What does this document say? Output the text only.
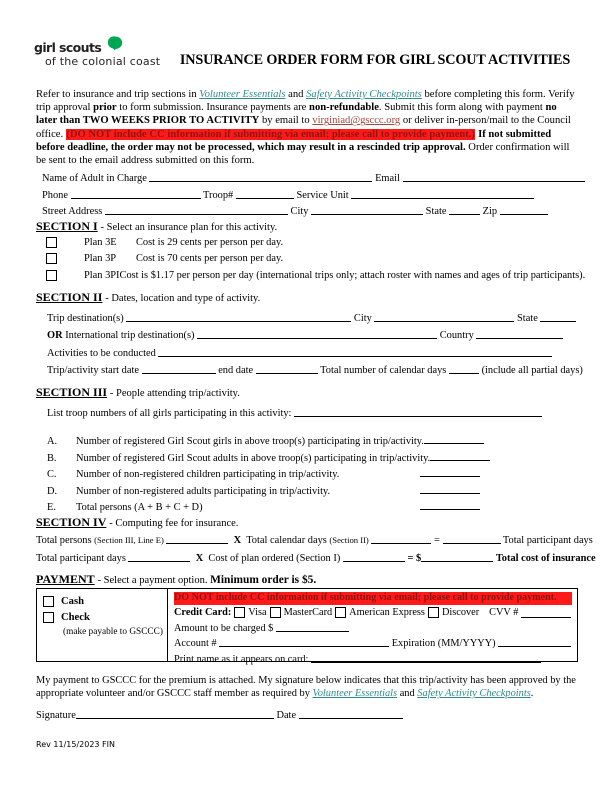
girl scouts
of the colonial coast	INSURANCE ORDER FORM FOR GIRL SCOUT ACTIVITIES
Refer to insurance and trip sections in Volunteer Essentials and Safety Activity Checkpoints before completing this form. Verify trip approval prior to form submission. Insurance payments are non-refundable. Submit this form along with payment no later than TWO WEEKS PRIOR TO ACTIVITY by email to virginiad@gsccc.org or deliver in-person/mail to the Council office. (DO NOT include CC information if submitting via email; please call to provide payment.) If not submitted before deadline, the order may not be processed, which may result in a rescinded trip approval. Order confirmation will be sent to the email address submitted on this form.
Name of Adult in Charge	Email
Phone	Troop#	Service Unit
Street Address	City	State	Zip
SECTION I - Select an insurance plan for this activity.
Plan 3E	Cost is 29 cents per person per day.
Plan 3P	Cost is 70 cents per person per day.
Plan 3PI Cost is $1.17 per person per day (international trips only; attach roster with names and ages of trip participants).
SECTION II - Dates, location and type of activity.
Trip destination(s)	City	State
OR International trip destination(s)	Country
Activities to be conducted
Trip/activity start date	end date	Total number of calendar days	(include all partial days)
SECTION III - People attending trip/activity.
List troop numbers of all girls participating in this activity:
A.	Number of registered Girl Scout girls in above troop(s) participating in trip/activity.
B.	Number of registered Girl Scout adults in above troop(s) participating in trip/activity.
C.	Number of non-registered children participating in trip/activity.
D.	Number of non-registered adults participating in trip/activity.
E.	Total persons (A + B + C + D)
SECTION IV - Computing fee for insurance.
Total persons (Section III, Line E)	X Total calendar days (Section II)	=	Total participant days
Total participant days	X Cost of plan ordered (Section I)	= $	Total cost of insurance
PAYMENT - Select a payment option. Minimum order is $5.
Cash
Check
(make payable to GSCCC)
DO NOT include CC information if submitting via email; please call to provide payment.
Credit Card: Visa MasterCard American Express Discover CVV #
Amount to be charged $
Account #	Expiration (MM/YYYY)
Print name as it appears on card:
My payment to GSCCC for the premium is attached. My signature below indicates that this trip/activity has been approved by the appropriate volunteer and/or GSCCC staff member as required by Volunteer Essentials and Safety Activity Checkpoints.
Signature	Date
Rev 11/15/2023 FIN
